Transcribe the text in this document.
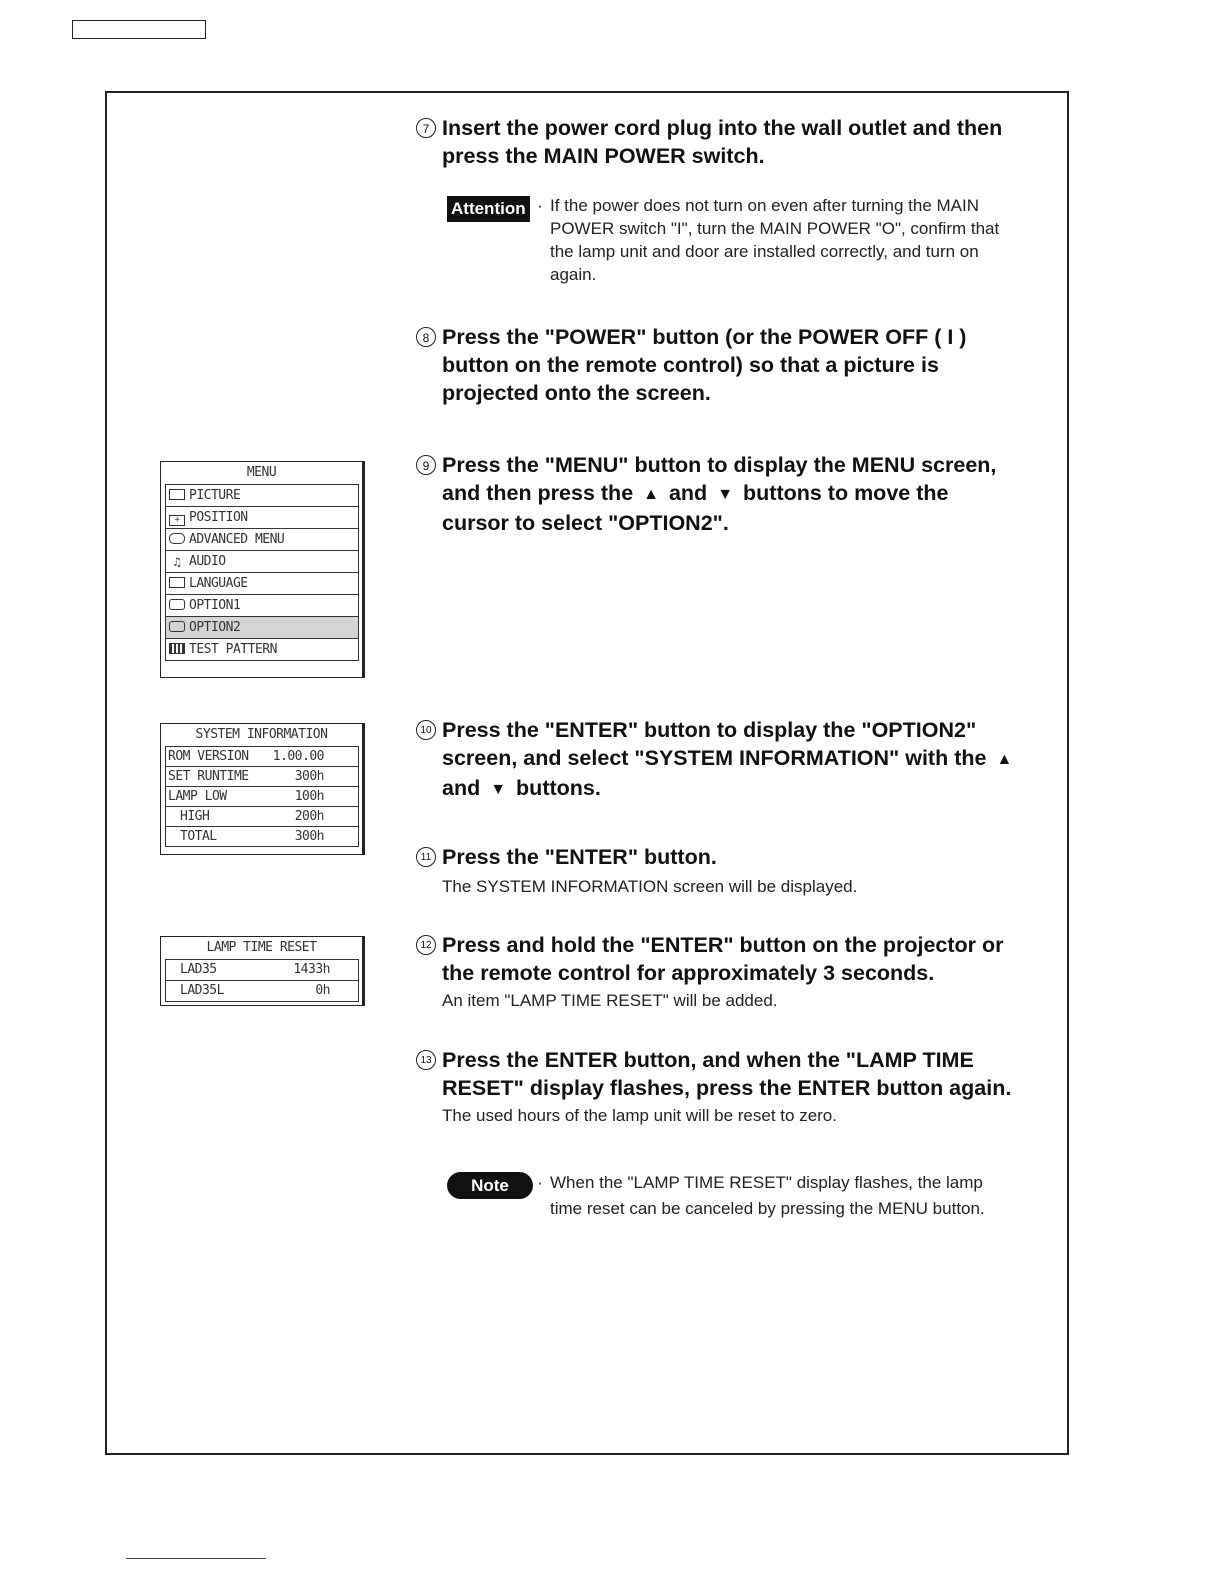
7 Insert the power cord plug into the wall outlet and then
press the MAIN POWER switch.
Attention · If the power does not turn on even after turning the MAIN
POWER switch "I", turn the MAIN POWER "O", confirm that
the lamp unit and door are installed correctly, and turn on
again.
8 Press the "POWER" button (or the POWER OFF ( I )
button on the remote control) so that a picture is
projected onto the screen.
9 Press the "MENU" button to display the MENU screen,
and then press the ▲ and ▼ buttons to move the
cursor to select "OPTION2".
MENU
PICTURE
+ POSITION
ADVANCED MENU
♫ AUDIO
LANGUAGE
OPTION1
OPTION2
TEST PATTERN
10 Press the "ENTER" button to display the "OPTION2"
screen, and select "SYSTEM INFORMATION" with the ▲
and ▼ buttons.
SYSTEM INFORMATION
ROM VERSION 1.00.00
SET RUNTIME	300h
LAMP LOW	100h
HIGH	200h
TOTAL	300h
11 Press the "ENTER" button.
The SYSTEM INFORMATION screen will be displayed.
LAMP TIME RESET
LAD35	1433h
LAD35L	0h
12 Press and hold the "ENTER" button on the projector or
the remote control for approximately 3 seconds.
An item "LAMP TIME RESET" will be added.
13 Press the ENTER button, and when the "LAMP TIME
RESET" display flashes, press the ENTER button again.
The used hours of the lamp unit will be reset to zero.
Note	· When the "LAMP TIME RESET" display flashes, the lamp
time reset can be canceled by pressing the MENU button.
